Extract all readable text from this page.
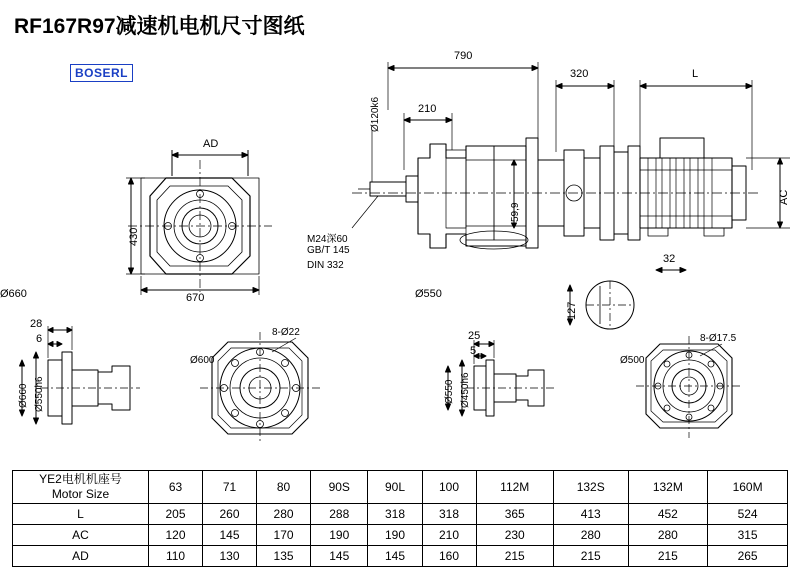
RF167R97减速机电机尺寸图纸
BOSERL
AD
430
670
Ø660
28
6
Ø660 Ø550h6
Ø600
8-Ø22
790
210
Ø120k6
M24深60
GB/T 145
DIN 332
59,9
320	L
AC
32
127
Ø550
25
5
Ø550 Ø450h6
Ø500
8-Ø17.5
YE2电机机座号
Motor Size	63	71	80	90S	90L	100	112M	132S	132M	160M
L	205	260	280	288	318	318	365	413	452	524
AC	120	145	170	190	190	210	230	280	280	315
AD	110	130	135	145	145	160	215	215	215	265
